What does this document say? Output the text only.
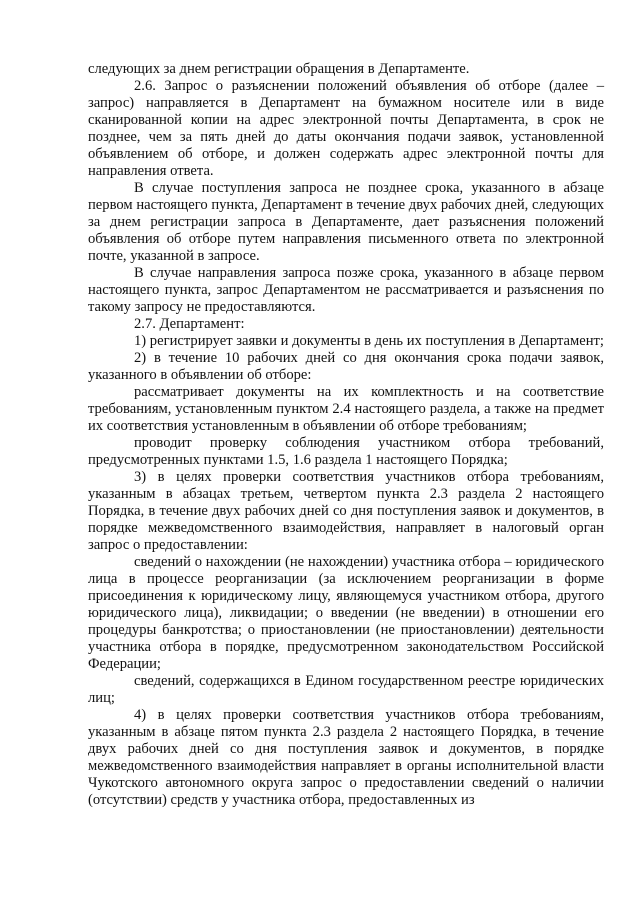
следующих за днем регистрации обращения в Департаменте.

2.6. Запрос о разъяснении положений объявления об отборе (далее – запрос) направляется в Департамент на бумажном носителе или в виде сканированной копии на адрес электронной почты Департамента, в срок не позднее, чем за пять дней до даты окончания подачи заявок, установленной объявлением об отборе, и должен содержать адрес электронной почты для направления ответа.

В случае поступления запроса не позднее срока, указанного в абзаце первом настоящего пункта, Департамент в течение двух рабочих дней, следующих за днем регистрации запроса в Департаменте, дает разъяснения положений объявления об отборе путем направления письменного ответа по электронной почте, указанной в запросе.

В случае направления запроса позже срока, указанного в абзаце первом настоящего пункта, запрос Департаментом не рассматривается и разъяснения по такому запросу не предоставляются.

2.7. Департамент:

1) регистрирует заявки и документы в день их поступления в Департамент;

2) в течение 10 рабочих дней со дня окончания срока подачи заявок, указанного в объявлении об отборе:

рассматривает документы на их комплектность и на соответствие требованиям, установленным пунктом 2.4 настоящего раздела, а также на предмет их соответствия установленным в объявлении об отборе требованиям;

проводит проверку соблюдения участником отбора требований, предусмотренных пунктами 1.5, 1.6 раздела 1 настоящего Порядка;

3) в целях проверки соответствия участников отбора требованиям, указанным в абзацах третьем, четвертом пункта 2.3 раздела 2 настоящего Порядка, в течение двух рабочих дней со дня поступления заявок и документов, в порядке межведомственного взаимодействия, направляет в налоговый орган запрос о предоставлении:

сведений о нахождении (не нахождении) участника отбора – юридического лица в процессе реорганизации (за исключением реорганизации в форме присоединения к юридическому лицу, являющемуся участником отбора, другого юридического лица), ликвидации; о введении (не введении) в отношении его процедуры банкротства; о приостановлении (не приостановлении) деятельности участника отбора в порядке, предусмотренном законодательством Российской Федерации;

сведений, содержащихся в Едином государственном реестре юридических лиц;

4) в целях проверки соответствия участников отбора требованиям, указанным в абзаце пятом пункта 2.3 раздела 2 настоящего Порядка, в течение двух рабочих дней со дня поступления заявок и документов, в порядке межведомственного взаимодействия направляет в органы исполнительной власти Чукотского автономного округа запрос о предоставлении сведений о наличии (отсутствии) средств у участника отбора, предоставленных из
